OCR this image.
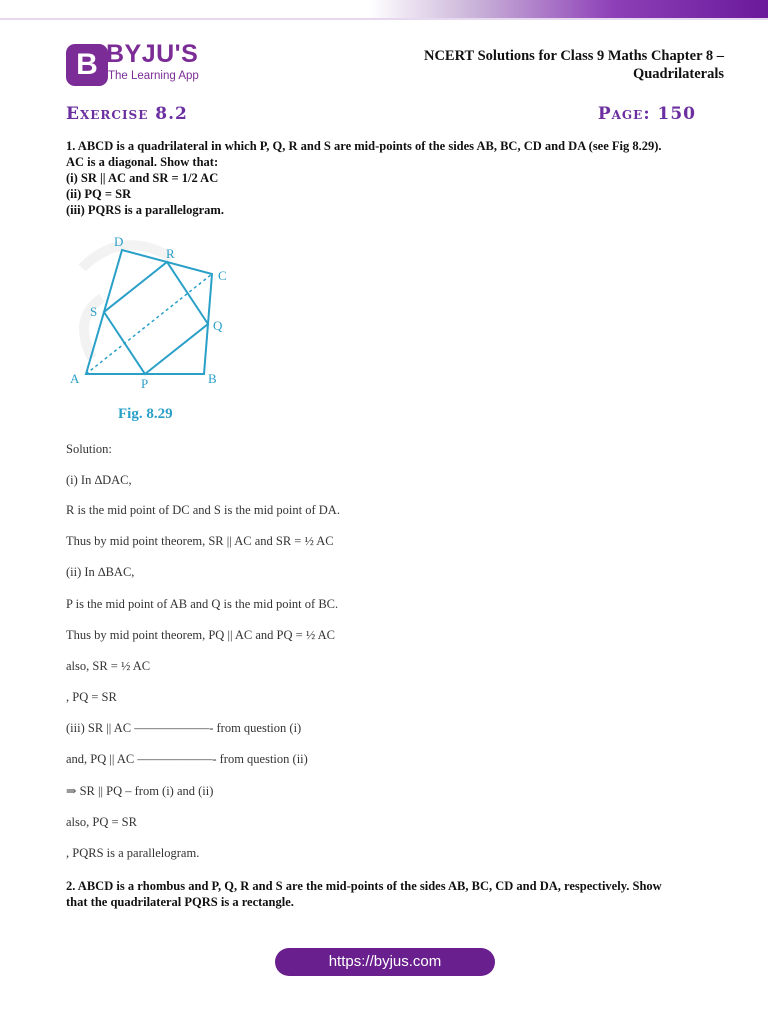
B BYJU'S
The Learning App
NCERT Solutions for Class 9 Maths Chapter 8 –
Quadrilaterals
Exercise 8.2	Page: 150
1. ABCD is a quadrilateral in which P, Q, R and S are mid-points of the sides AB, BC, CD and DA (see Fig 8.29).
AC is a diagonal. Show that:
(i) SR || AC and SR = 1/2 AC
(ii) PQ = SR
(iii) PQRS is a parallelogram.
D
R
C
S
Q
A	P	B
Fig. 8.29
Solution:
(i) In ∆DAC,
R is the mid point of DC and S is the mid point of DA.
Thus by mid point theorem, SR || AC and SR = ½ AC
(ii) In ∆BAC,
P is the mid point of AB and Q is the mid point of BC.
Thus by mid point theorem, PQ || AC and PQ = ½ AC
also, SR = ½ AC
, PQ = SR
(iii) SR || AC ——————- from question (i)
and, PQ || AC ——————- from question (ii)
⇒ SR || PQ – from (i) and (ii)
also, PQ = SR
, PQRS is a parallelogram.
2. ABCD is a rhombus and P, Q, R and S are the mid-points of the sides AB, BC, CD and DA, respectively. Show
that the quadrilateral PQRS is a rectangle.
https://byjus.com
